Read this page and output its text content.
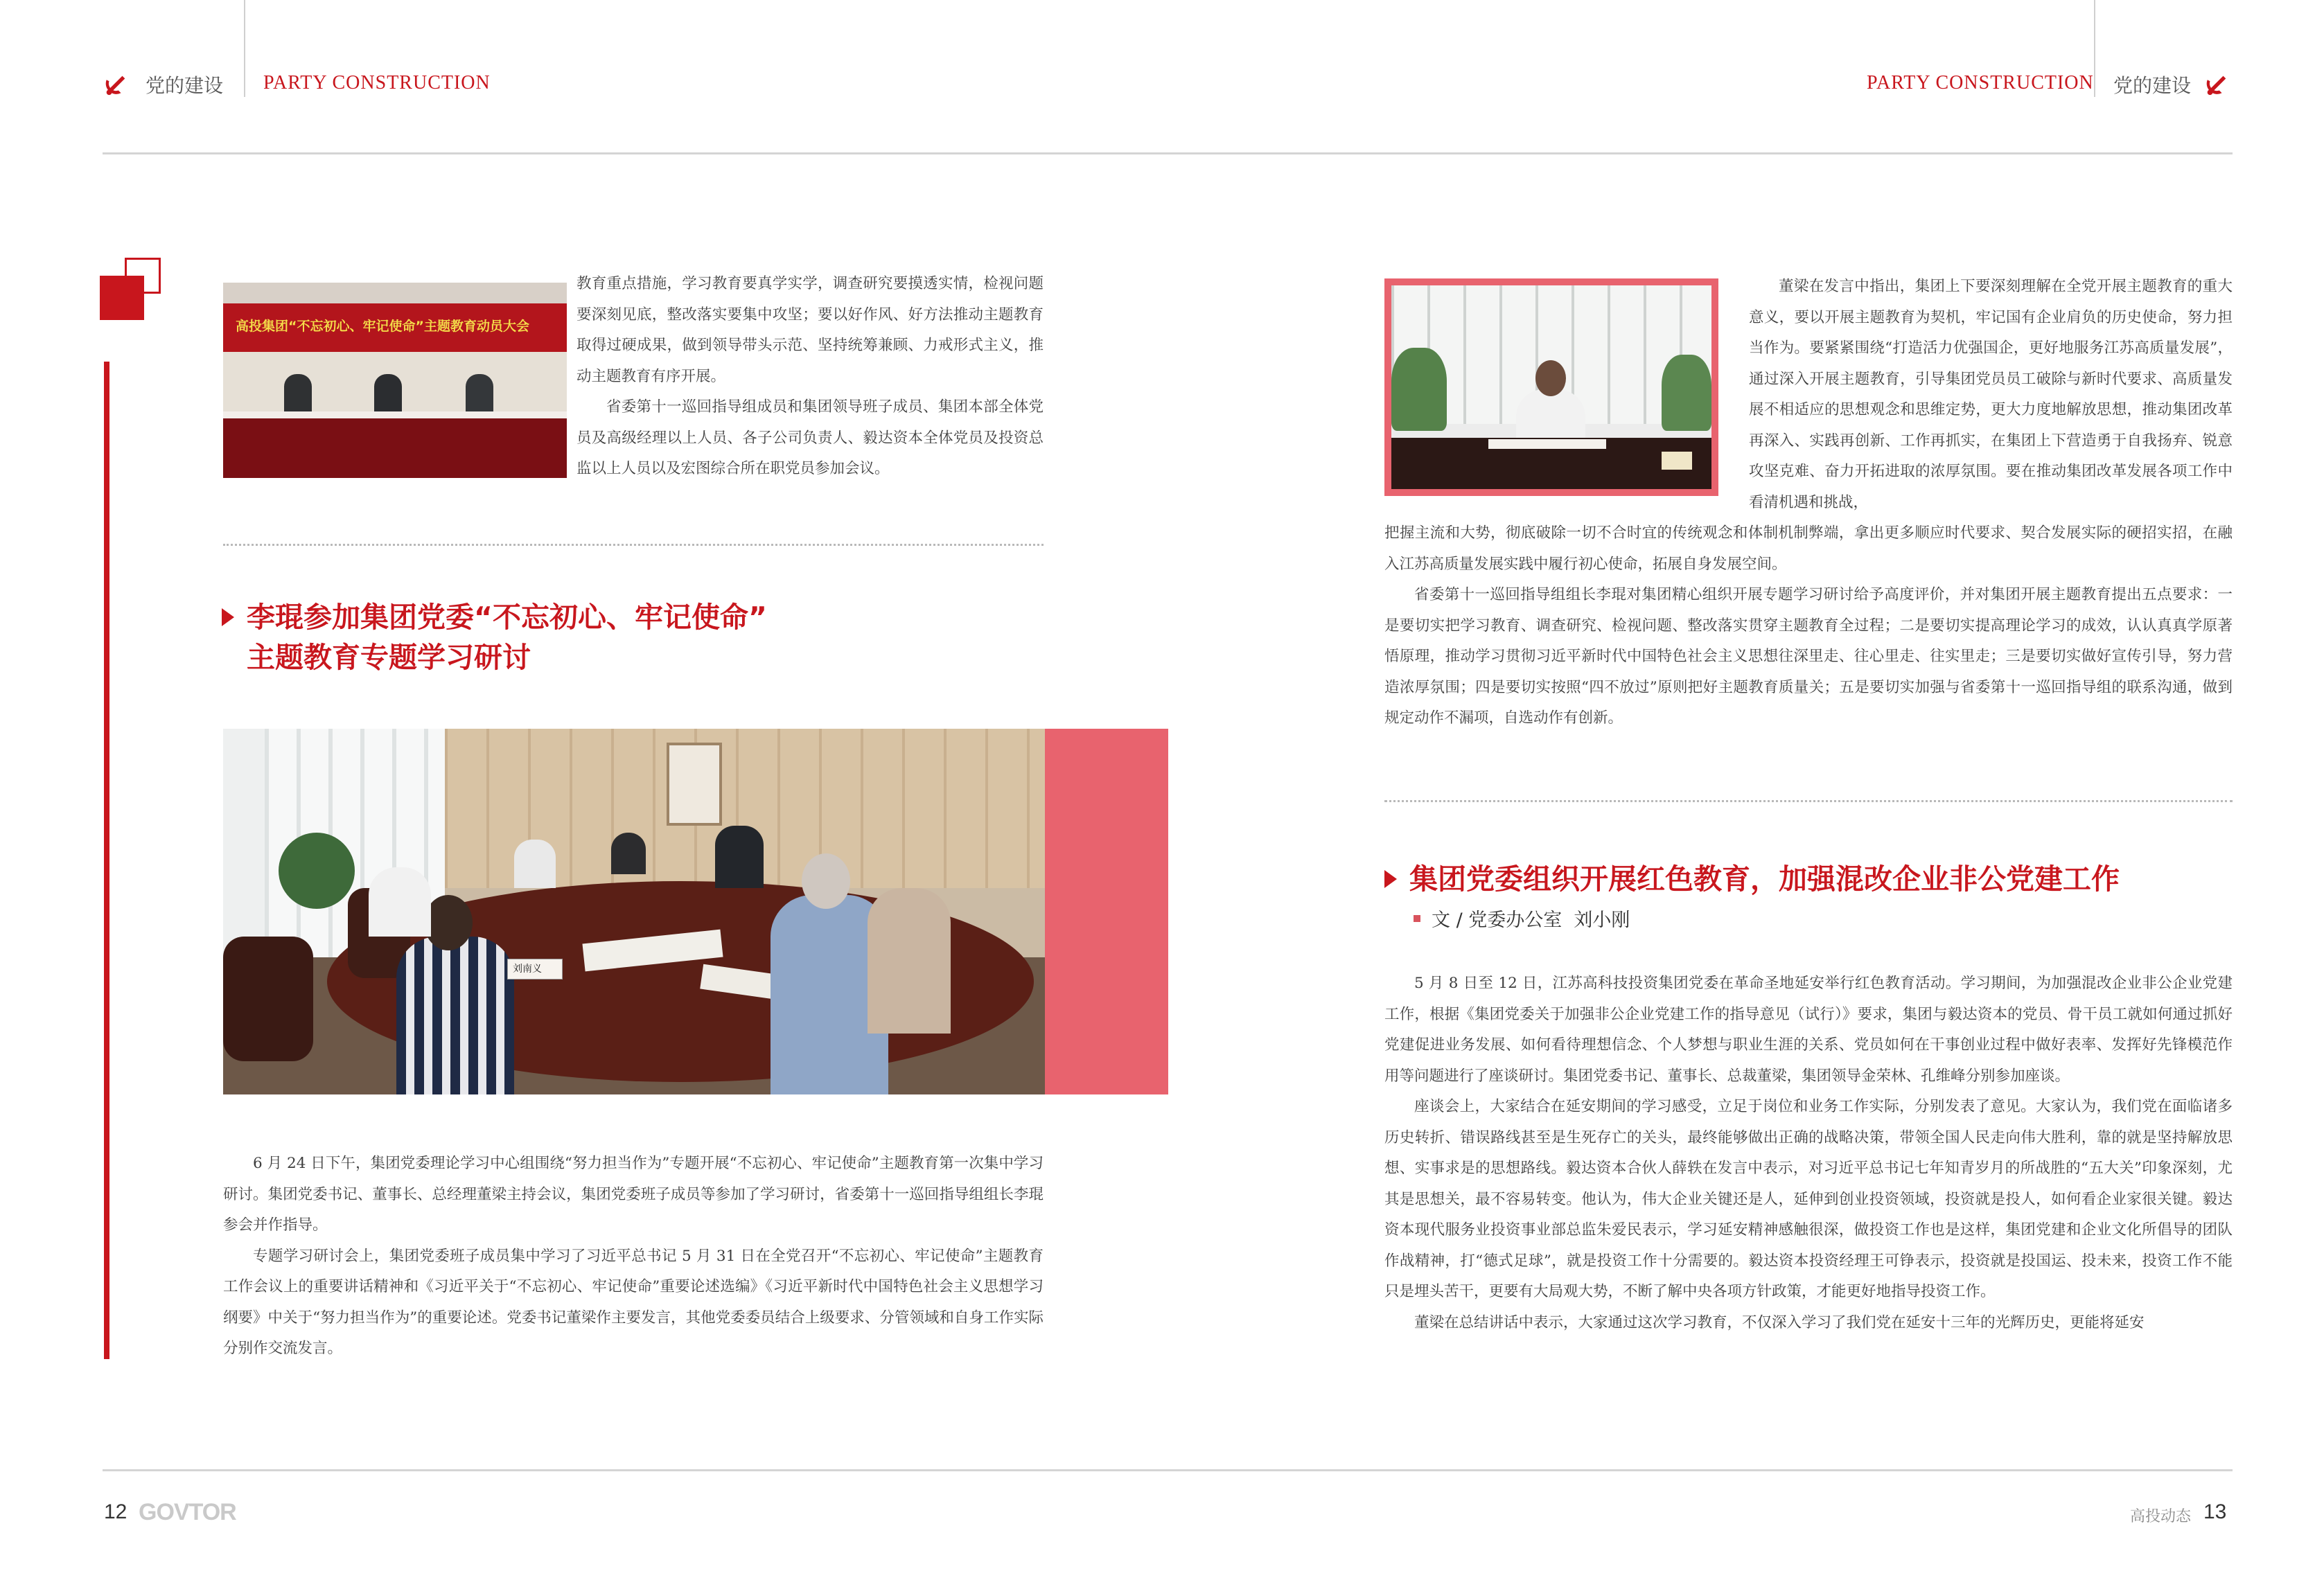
党的建设 PARTY CONSTRUCTION	PARTY CONSTRUCTION 党的建设
高投集团“不忘初心、牢记使命”主题教育动员大会

教育重点措施，学习教育要真学实学，调查研究要摸透实情，检视问题要深刻见底，整改落实要集中攻坚；要以好作风、好方法推动主题教育取得过硬成果，做到领导带头示范、坚持统筹兼顾、力戒形式主义，推动主题教育有序开展。

省委第十一巡回指导组成员和集团领导班子成员、集团本部全体党员及高级经理以上人员、各子公司负责人、毅达资本全体党员及投资总监以上人员以及宏图综合所在职党员参加会议。

李琨参加集团党委“不忘初心、牢记使命”
主题教育专题学习研讨
刘南义

6 月 24 日下午，集团党委理论学习中心组围绕“努力担当作为”专题开展“不忘初心、牢记使命”主题教育第一次集中学习研讨。集团党委书记、董事长、总经理董梁主持会议，集团党委班子成员等参加了学习研讨，省委第十一巡回指导组组长李琨参会并作指导。

专题学习研讨会上，集团党委班子成员集中学习了习近平总书记 5 月 31 日在全党召开“不忘初心、牢记使命”主题教育工作会议上的重要讲话精神和《习近平关于“不忘初心、牢记使命”重要论述选编》《习近平新时代中国特色社会主义思想学习纲要》中关于“努力担当作为”的重要论述。党委书记董梁作主要发言，其他党委委员结合上级要求、分管领域和自身工作实际分别作交流发言。

董梁在发言中指出，集团上下要深刻理解在全党开展主题教育的重大意义，要以开展主题教育为契机，牢记国有企业肩负的历史使命，努力担当作为。要紧紧围绕“打造活力优强国企，更好地服务江苏高质量发展”，通过深入开展主题教育，引导集团党员员工破除与新时代要求、高质量发展不相适应的思想观念和思维定势，更大力度地解放思想，推动集团改革再深入、实践再创新、工作再抓实，在集团上下营造勇于自我扬弃、锐意攻坚克难、奋力开拓进取的浓厚氛围。要在推动集团改革发展各项工作中看清机遇和挑战，

把握主流和大势，彻底破除一切不合时宜的传统观念和体制机制弊端，拿出更多顺应时代要求、契合发展实际的硬招实招，在融入江苏高质量发展实践中履行初心使命，拓展自身发展空间。

省委第十一巡回指导组组长李琨对集团精心组织开展专题学习研讨给予高度评价，并对集团开展主题教育提出五点要求：一是要切实把学习教育、调查研究、检视问题、整改落实贯穿主题教育全过程；二是要切实提高理论学习的成效，认认真真学原著悟原理，推动学习贯彻习近平新时代中国特色社会主义思想往深里走、往心里走、往实里走；三是要切实做好宣传引导，努力营造浓厚氛围；四是要切实按照“四不放过”原则把好主题教育质量关；五是要切实加强与省委第十一巡回指导组的联系沟通，做到规定动作不漏项，自选动作有创新。

集团党委组织开展红色教育，加强混改企业非公党建工作
文 / 党委办公室  刘小刚

5 月 8 日至 12 日，江苏高科技投资集团党委在革命圣地延安举行红色教育活动。学习期间，为加强混改企业非公企业党建工作，根据《集团党委关于加强非公企业党建工作的指导意见（试行）》要求，集团与毅达资本的党员、骨干员工就如何通过抓好党建促进业务发展、如何看待理想信念、个人梦想与职业生涯的关系、党员如何在干事创业过程中做好表率、发挥好先锋模范作用等问题进行了座谈研讨。集团党委书记、董事长、总裁董梁，集团领导金荣林、孔维峰分别参加座谈。

座谈会上，大家结合在延安期间的学习感受，立足于岗位和业务工作实际，分别发表了意见。大家认为，我们党在面临诸多历史转折、错误路线甚至是生死存亡的关头，最终能够做出正确的战略决策，带领全国人民走向伟大胜利，靠的就是坚持解放思想、实事求是的思想路线。毅达资本合伙人薛轶在发言中表示，对习近平总书记七年知青岁月的所战胜的“五大关”印象深刻，尤其是思想关，最不容易转变。他认为，伟大企业关键还是人，延伸到创业投资领域，投资就是投人，如何看企业家很关键。毅达资本现代服务业投资事业部总监朱爱民表示，学习延安精神感触很深，做投资工作也是这样，集团党建和企业文化所倡导的团队作战精神，打“德式足球”，就是投资工作十分需要的。毅达资本投资经理王可铮表示，投资就是投国运、投未来，投资工作不能只是埋头苦干，更要有大局观大势，不断了解中央各项方针政策，才能更好地指导投资工作。

董梁在总结讲话中表示，大家通过这次学习教育，不仅深入学习了我们党在延安十三年的光辉历史，更能将延安

12 GOVTOR	高投动态 13
